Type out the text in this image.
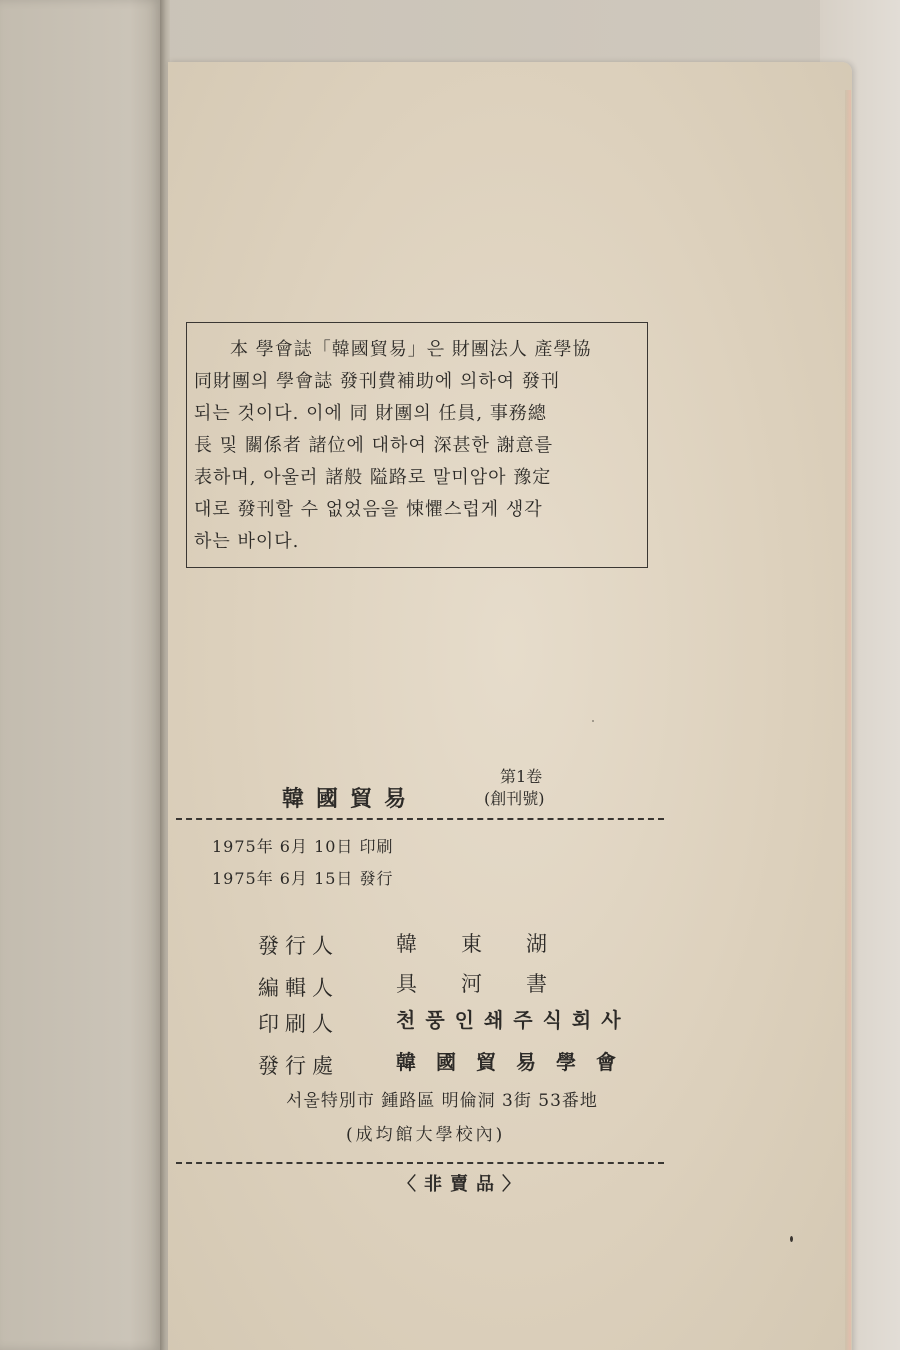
本 學會誌「韓國貿易」은 財團法人 產學協
同財團의 學會誌 發刊費補助에 의하여 發刊
되는 것이다. 이에 同 財團의 任員, 事務總
長 및 關係者 諸位에 대하여 深甚한 謝意를
表하며, 아울러 諸般 隘路로 말미암아 豫定
대로 發刊할 수 없었음을 悚懼스럽게 생각
하는 바이다.
韓國貿易
第1卷
(創刊號)
1975年 6月 10日 印刷
1975年 6月 15日 發行
發行人	韓東湖
編輯人	具河書
印刷人	천풍인쇄주식회사
發行處	韓國貿易學會
서울特別市 鍾路區 明倫洞 3街 53番地
(成均館大學校內)
〈非賣品〉
